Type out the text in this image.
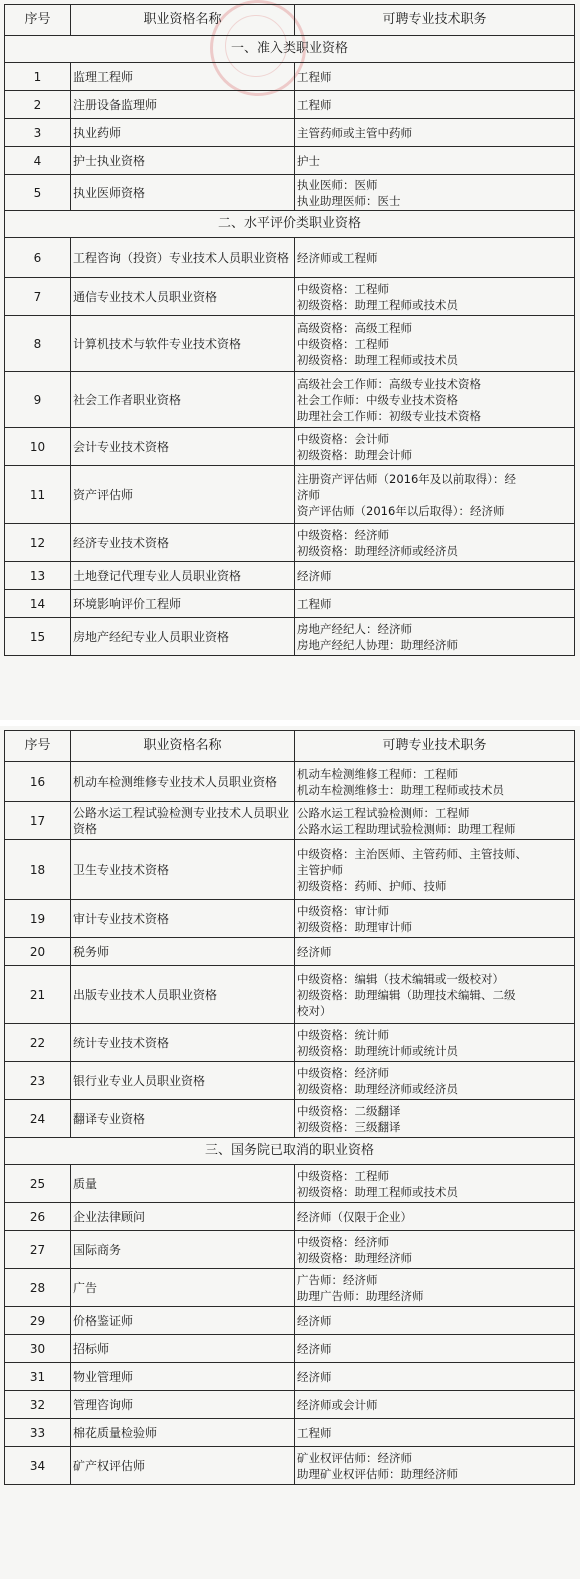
序号	职业资格名称	可聘专业技术职务
一、准入类职业资格		
1	监理工程师	工程师

2	注册设备监理师	工程师

3	执业药师	主管药师或主管中药师

4	护士执业资格	护士

5	执业医师资格	执业医师：医师
执业助理医师：医士

二、水平评价类职业资格		
6	工程咨询（投资）专业技术人员职业资格	经济师或工程师

7	通信专业技术人员职业资格	中级资格：工程师
初级资格：助理工程师或技术员

8	计算机技术与软件专业技术资格	高级资格：高级工程师
中级资格：工程师
初级资格：助理工程师或技术员

9	社会工作者职业资格	高级社会工作师：高级专业技术资格
社会工作师：中级专业技术资格
助理社会工作师：初级专业技术资格

10	会计专业技术资格	中级资格：会计师
初级资格：助理会计师

11	资产评估师	注册资产评估师（2016年及以前取得）：经
济师
资产评估师（2016年以后取得）：经济师

12	经济专业技术资格	中级资格：经济师
初级资格：助理经济师或经济员

13	土地登记代理专业人员职业资格	经济师

14	环境影响评价工程师	工程师

15	房地产经纪专业人员职业资格	房地产经纪人：经济师
房地产经纪人协理：助理经济师
序号	职业资格名称	可聘专业技术职务
16	机动车检测维修专业技术人员职业资格	机动车检测维修工程师：工程师
机动车检测维修士：助理工程师或技术员

17	公路水运工程试验检测专业技术人员职业资格	公路水运工程试验检测师：工程师
公路水运工程助理试验检测师：助理工程师

18	卫生专业技术资格	中级资格：主治医师、主管药师、主管技师、
主管护师
初级资格：药师、护师、技师

19	审计专业技术资格	中级资格：审计师
初级资格：助理审计师

20	税务师	经济师

21	出版专业技术人员职业资格	中级资格：编辑（技术编辑或一级校对）
初级资格：助理编辑（助理技术编辑、二级
校对）

22	统计专业技术资格	中级资格：统计师
初级资格：助理统计师或统计员

23	银行业专业人员职业资格	中级资格：经济师
初级资格：助理经济师或经济员

24	翻译专业资格	中级资格：二级翻译
初级资格：三级翻译

三、国务院已取消的职业资格		
25	质量	中级资格：工程师
初级资格：助理工程师或技术员

26	企业法律顾问	经济师（仅限于企业）

27	国际商务	中级资格：经济师
初级资格：助理经济师

28	广告	广告师：经济师
助理广告师：助理经济师

29	价格鉴证师	经济师

30	招标师	经济师

31	物业管理师	经济师

32	管理咨询师	经济师或会计师

33	棉花质量检验师	工程师

34	矿产权评估师	矿业权评估师：经济师
助理矿业权评估师：助理经济师
